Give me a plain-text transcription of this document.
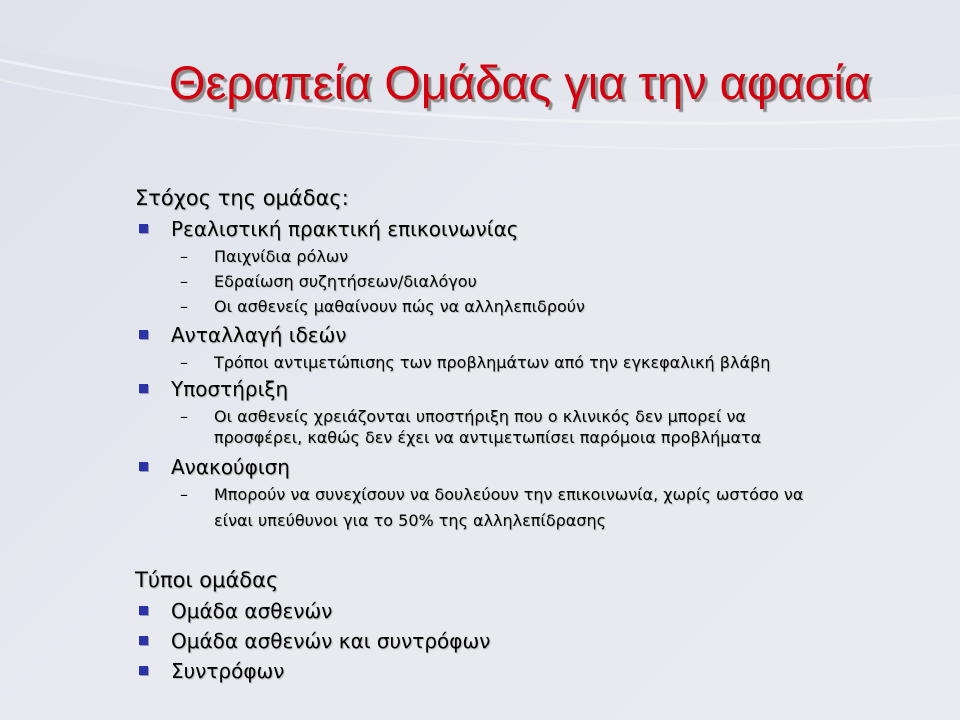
Θεραπεία Ομάδας για την αφασία
Στόχος της ομάδας:
Ρεαλιστική πρακτική επικοινωνίας
– Παιχνίδια ρόλων
– Εδραίωση συζητήσεων/διαλόγου
– Οι ασθενείς μαθαίνουν πώς να αλληλεπιδρούν
Ανταλλαγή ιδεών
– Τρόποι αντιμετώπισης των προβλημάτων από την εγκεφαλική βλάβη
Υποστήριξη
– Οι ασθενείς χρειάζονται υποστήριξη που ο κλινικός δεν μπορεί να
προσφέρει, καθώς δεν έχει να αντιμετωπίσει παρόμοια προβλήματα
Ανακούφιση
– Μπορούν να συνεχίσουν να δουλεύουν την επικοινωνία, χωρίς ωστόσο να
είναι υπεύθυνοι για το 50% της αλληλεπίδρασης
Τύποι ομάδας
Ομάδα ασθενών
Ομάδα ασθενών και συντρόφων
Συντρόφων
